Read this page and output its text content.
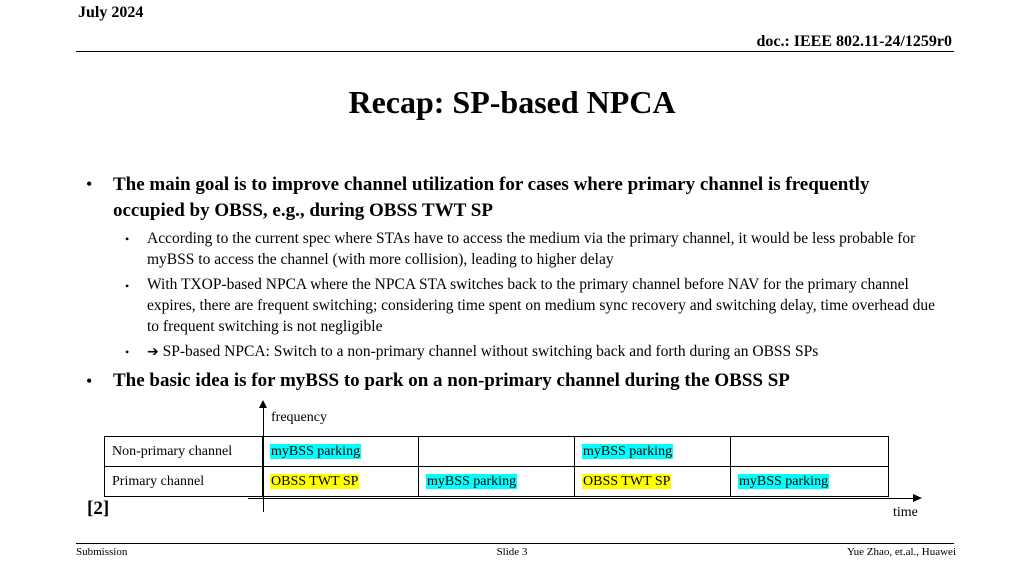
July 2024
doc.: IEEE 802.11-24/1259r0
Recap: SP-based NPCA
• The main goal is to improve channel utilization for cases where primary channel is frequently occupied by OBSS, e.g., during OBSS TWT SP
• According to the current spec where STAs have to access the medium via the primary channel, it would be less probable for myBSS to access the channel (with more collision), leading to higher delay
• With TXOP-based NPCA where the NPCA STA switches back to the primary channel before NAV for the primary channel expires, there are frequent switching; considering time spent on medium sync recovery and switching delay, time overhead due to frequent switching is not negligible
• ➔ SP-based NPCA: Switch to a non-primary channel without switching back and forth during an OBSS SPs
• The basic idea is for myBSS to park on a non-primary channel during the OBSS SP
frequency
Non-primary channel	myBSS parking		myBSS parking	
Primary channel	OBSS TWT SP	myBSS parking	OBSS TWT SP	myBSS parking
time
[2]
Submission	Slide 3	Yue Zhao, et.al., Huawei
